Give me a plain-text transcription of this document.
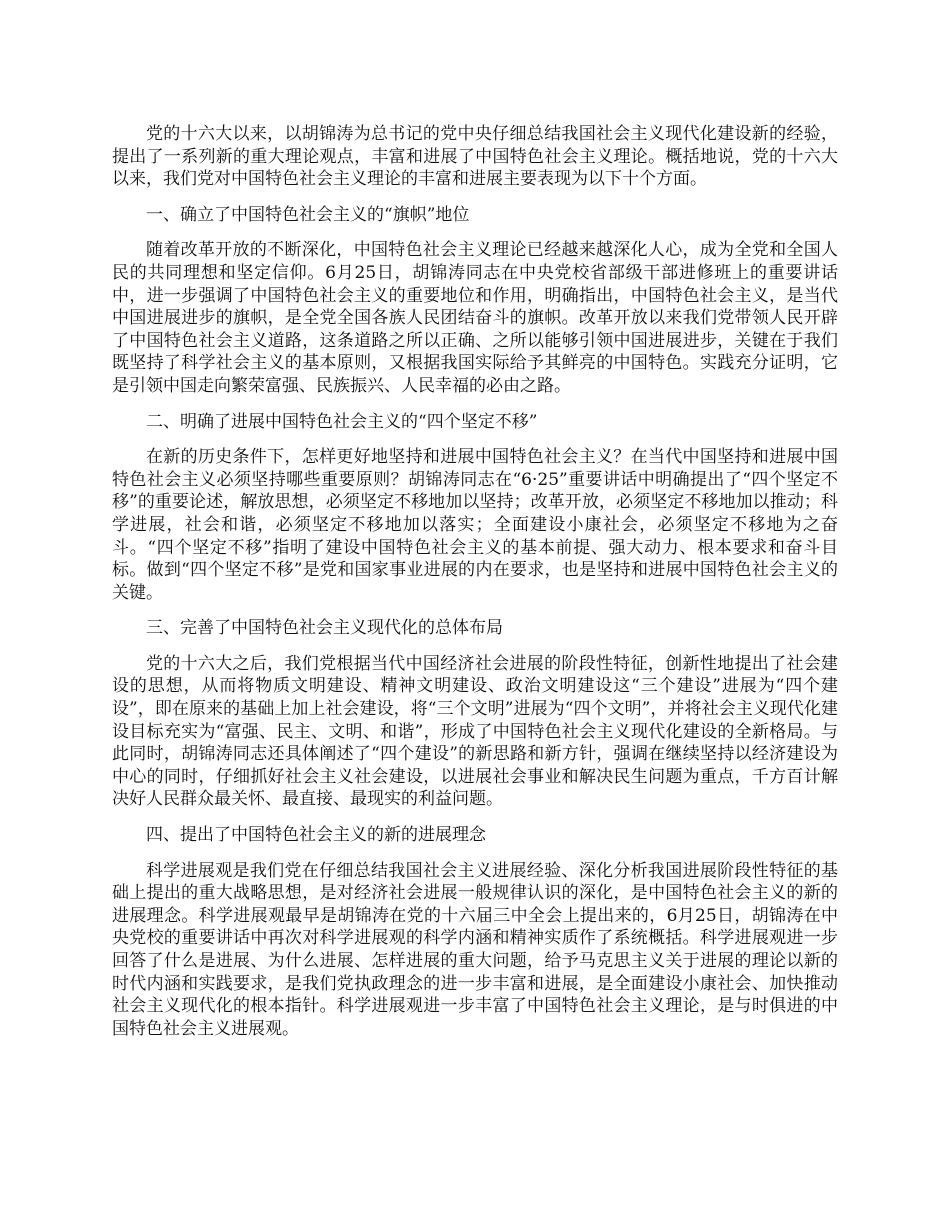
党的十六大以来，以胡锦涛为总书记的党中央仔细总结我国社会主义现代化建设新的经验，提出了一系列新的重大理论观点，丰富和进展了中国特色社会主义理论。概括地说，党的十六大以来，我们党对中国特色社会主义理论的丰富和进展主要表现为以下十个方面。

一、确立了中国特色社会主义的“旗帜”地位

随着改革开放的不断深化，中国特色社会主义理论已经越来越深化人心，成为全党和全国人民的共同理想和坚定信仰。6月25日，胡锦涛同志在中央党校省部级干部进修班上的重要讲话中，进一步强调了中国特色社会主义的重要地位和作用，明确指出，中国特色社会主义，是当代中国进展进步的旗帜，是全党全国各族人民团结奋斗的旗帜。改革开放以来我们党带领人民开辟了中国特色社会主义道路，这条道路之所以正确、之所以能够引领中国进展进步，关键在于我们既坚持了科学社会主义的基本原则，又根据我国实际给予其鲜亮的中国特色。实践充分证明，它是引领中国走向繁荣富强、民族振兴、人民幸福的必由之路。

二、明确了进展中国特色社会主义的“四个坚定不移”

在新的历史条件下，怎样更好地坚持和进展中国特色社会主义？在当代中国坚持和进展中国特色社会主义必须坚持哪些重要原则？胡锦涛同志在“6·25”重要讲话中明确提出了“四个坚定不移”的重要论述，解放思想，必须坚定不移地加以坚持；改革开放，必须坚定不移地加以推动；科学进展，社会和谐，必须坚定不移地加以落实；全面建设小康社会，必须坚定不移地为之奋斗。“四个坚定不移”指明了建设中国特色社会主义的基本前提、强大动力、根本要求和奋斗目标。做到“四个坚定不移”是党和国家事业进展的内在要求，也是坚持和进展中国特色社会主义的关键。

三、完善了中国特色社会主义现代化的总体布局

党的十六大之后，我们党根据当代中国经济社会进展的阶段性特征，创新性地提出了社会建设的思想，从而将物质文明建设、精神文明建设、政治文明建设这“三个建设”进展为“四个建设”，即在原来的基础上加上社会建设，将“三个文明”进展为“四个文明”，并将社会主义现代化建设目标充实为“富强、民主、文明、和谐”，形成了中国特色社会主义现代化建设的全新格局。与此同时，胡锦涛同志还具体阐述了“四个建设”的新思路和新方针，强调在继续坚持以经济建设为中心的同时，仔细抓好社会主义社会建设，以进展社会事业和解决民生问题为重点，千方百计解决好人民群众最关怀、最直接、最现实的利益问题。

四、提出了中国特色社会主义的新的进展理念

科学进展观是我们党在仔细总结我国社会主义进展经验、深化分析我国进展阶段性特征的基础上提出的重大战略思想，是对经济社会进展一般规律认识的深化，是中国特色社会主义的新的进展理念。科学进展观最早是胡锦涛在党的十六届三中全会上提出来的，6月25日，胡锦涛在中央党校的重要讲话中再次对科学进展观的科学内涵和精神实质作了系统概括。科学进展观进一步回答了什么是进展、为什么进展、怎样进展的重大问题，给予马克思主义关于进展的理论以新的时代内涵和实践要求，是我们党执政理念的进一步丰富和进展，是全面建设小康社会、加快推动社会主义现代化的根本指针。科学进展观进一步丰富了中国特色社会主义理论，是与时俱进的中国特色社会主义进展观。
